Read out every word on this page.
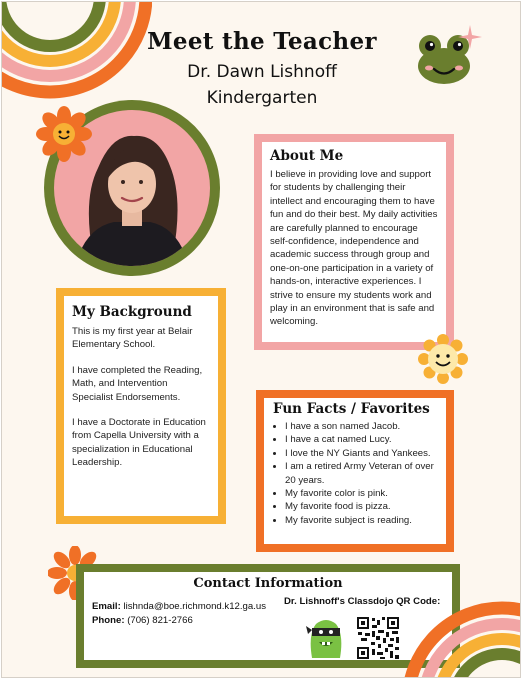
Meet the Teacher
Dr. Dawn Lishnoff
Kindergarten
About Me
I believe in providing love and support for students by challenging their intellect and encouraging them to have fun and do their best. My daily activities are carefully planned to encourage self-confidence, independence and academic success through group and one-on-one participation in a variety of hands-on, interactive experiences. I strive to ensure my students work and play in an environment that is safe and welcoming.
My Background

This is my first year at Belair Elementary School.

I have completed the Reading, Math, and Intervention Specialist Endorsements.

I have a Doctorate in Education from Capella University with a specialization in Educational Leadership.

Fun Facts / Favorites
• I have a son named Jacob.
• I have a cat named Lucy.
• I love the NY Giants and Yankees.
• I am a retired Army Veteran of over 20 years.
• My favorite color is pink.
• My favorite food is pizza.
• My favorite subject is reading.
Contact Information
Email: lishnda@boe.richmond.k12.ga.us
Phone: (706) 821-2766
Dr. Lishnoff's Classdojo QR Code:
